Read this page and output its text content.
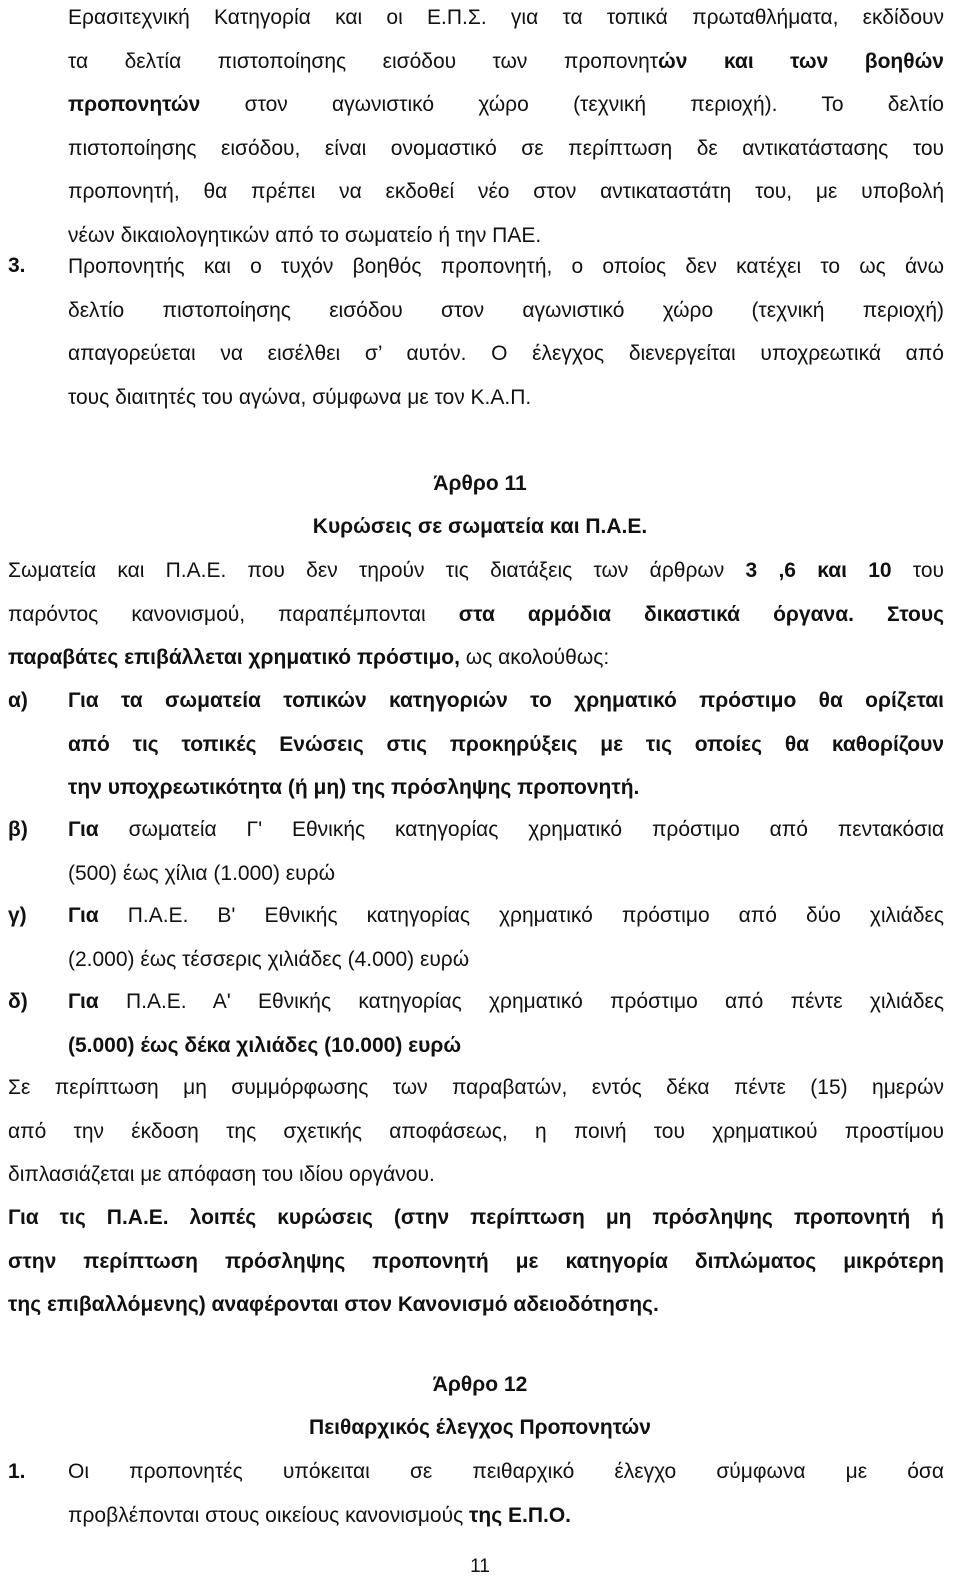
Ερασιτεχνική Κατηγορία και οι Ε.Π.Σ. για τα τοπικά πρωταθλήματα, εκδίδουν
τα δελτία πιστοποίησης εισόδου των προπονητών και των βοηθών
προπονητών στον αγωνιστικό χώρο (τεχνική περιοχή). Το δελτίο
πιστοποίησης εισόδου, είναι ονομαστικό σε περίπτωση δε αντικατάστασης του
προπονητή, θα πρέπει να εκδοθεί νέο στον αντικαταστάτη του, με υποβολή
νέων δικαιολογητικών από το σωματείο ή την ΠΑΕ.
3. Προπονητής και ο τυχόν βοηθός προπονητή, ο οποίος δεν κατέχει το ως άνω
δελτίο πιστοποίησης εισόδου στον αγωνιστικό χώρο (τεχνική περιοχή)
απαγορεύεται να εισέλθει σ’ αυτόν. Ο έλεγχος διενεργείται υποχρεωτικά από
τους διαιτητές του αγώνα, σύμφωνα με τον Κ.Α.Π.
Άρθρο 11
Κυρώσεις σε σωματεία και Π.Α.Ε.
Σωματεία και Π.Α.Ε. που δεν τηρούν τις διατάξεις των άρθρων 3 ,6 και 10 του
παρόντος κανονισμού, παραπέμπονται στα αρμόδια δικαστικά όργανα. Στους
παραβάτες επιβάλλεται χρηματικό πρόστιμο, ως ακολούθως:
α) Για τα σωματεία τοπικών κατηγοριών το χρηματικό πρόστιμο θα ορίζεται
από τις τοπικές Ενώσεις στις προκηρύξεις με τις οποίες θα καθορίζουν
την υποχρεωτικότητα (ή μη) της πρόσληψης προπονητή.
β) Για σωματεία Γ' Εθνικής κατηγορίας χρηματικό πρόστιμο από πεντακόσια
(500) έως χίλια (1.000) ευρώ
γ) Για Π.Α.Ε. Β' Εθνικής κατηγορίας χρηματικό πρόστιμο από δύο χιλιάδες
(2.000) έως τέσσερις χιλιάδες (4.000) ευρώ
δ) Για Π.Α.Ε. Α' Εθνικής κατηγορίας χρηματικό πρόστιμο από πέντε χιλιάδες
(5.000) έως δέκα χιλιάδες (10.000) ευρώ
Σε περίπτωση μη συμμόρφωσης των παραβατών, εντός δέκα πέντε (15) ημερών
από την έκδοση της σχετικής αποφάσεως, η ποινή του χρηματικού προστίμου
διπλασιάζεται με απόφαση του ιδίου οργάνου.
Για τις Π.Α.Ε. λοιπές κυρώσεις (στην περίπτωση μη πρόσληψης προπονητή ή
στην περίπτωση πρόσληψης προπονητή με κατηγορία διπλώματος μικρότερη
της επιβαλλόμενης) αναφέρονται στον Κανονισμό αδειοδότησης.
Άρθρο 12
Πειθαρχικός έλεγχος Προπονητών
1. Οι προπονητές υπόκειται σε πειθαρχικό έλεγχο σύμφωνα με όσα
προβλέπονται στους οικείους κανονισμούς της Ε.Π.Ο.
11
